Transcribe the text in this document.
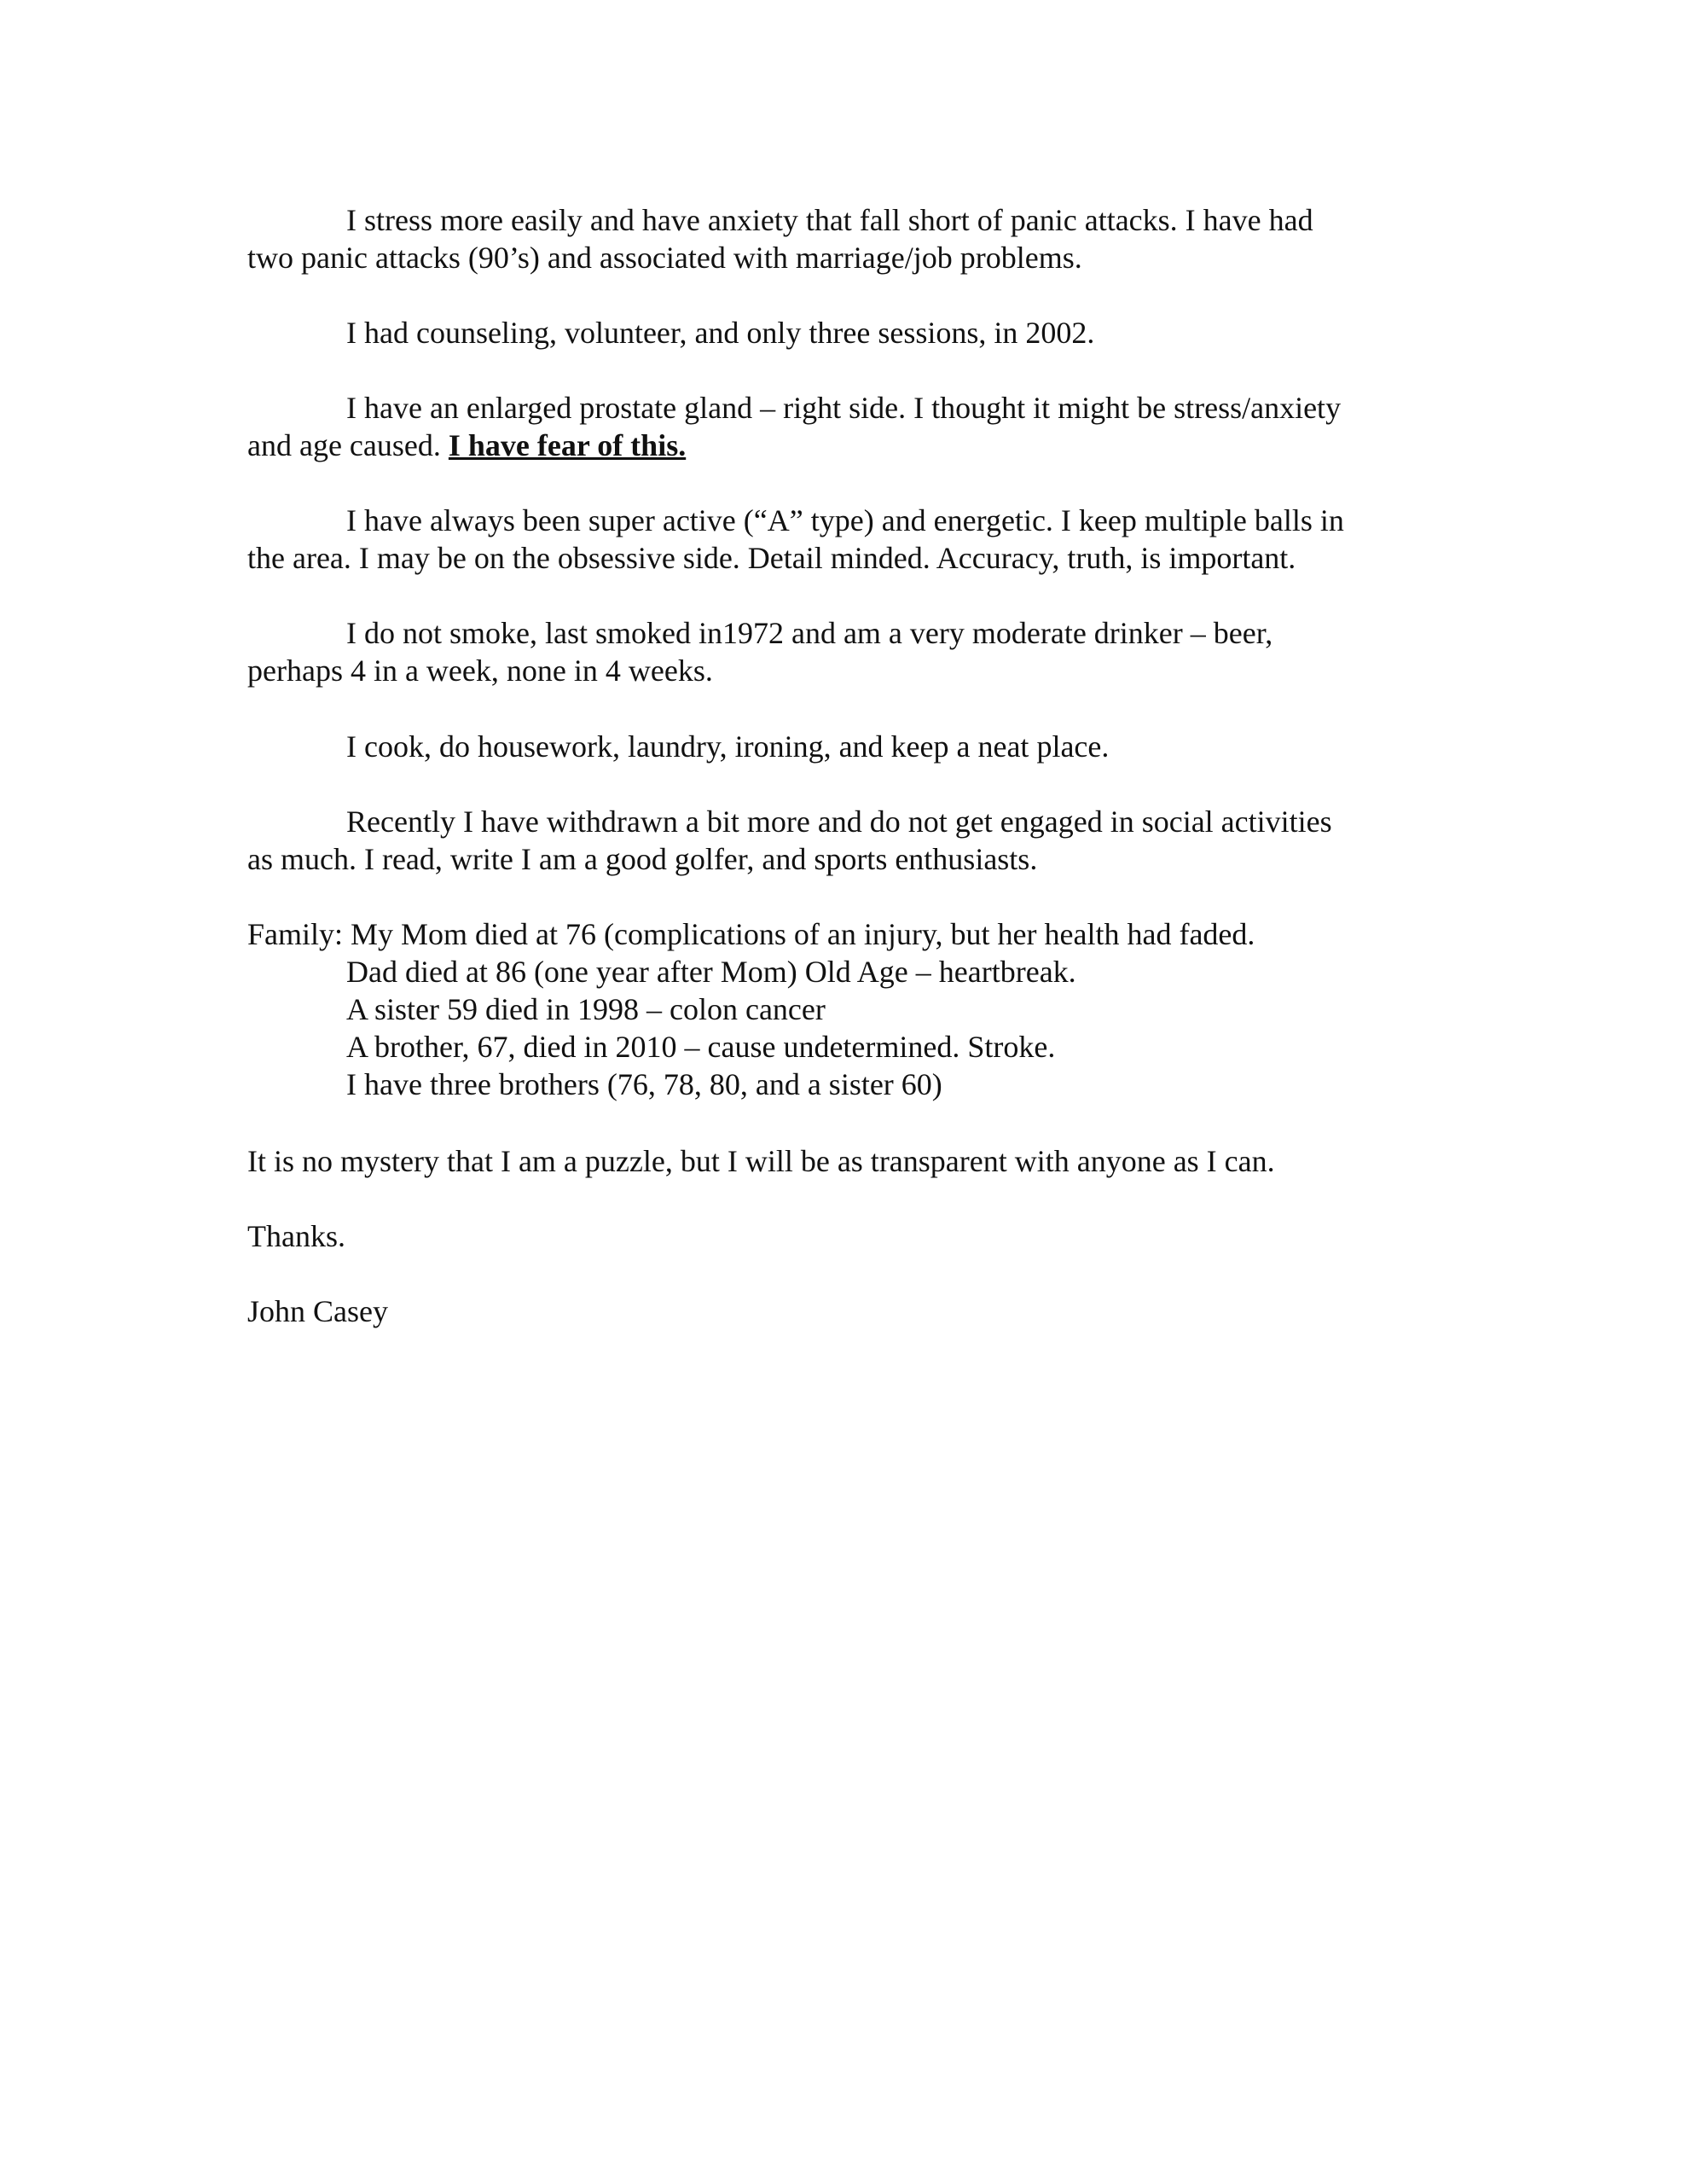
I stress more easily and have anxiety that fall short of panic attacks. I have had
two panic attacks (90’s) and associated with marriage/job problems.

I had counseling, volunteer, and only three sessions, in 2002.

I have an enlarged prostate gland – right side. I thought it might be stress/anxiety
and age caused. I have fear of this.

I have always been super active (“A” type) and energetic. I keep multiple balls in
the area. I may be on the obsessive side. Detail minded. Accuracy, truth, is important.

I do not smoke, last smoked in1972 and am a very moderate drinker – beer,
perhaps 4 in a week, none in 4 weeks.

I cook, do housework, laundry, ironing, and keep a neat place.

Recently I have withdrawn a bit more and do not get engaged in social activities
as much. I read, write I am a good golfer, and sports enthusiasts.

Family: My Mom died at 76 (complications of an injury, but her health had faded.
Dad died at 86 (one year after Mom) Old Age – heartbreak.
A sister 59 died in 1998 – colon cancer
A brother, 67, died in 2010 – cause undetermined. Stroke.
I have three brothers (76, 78, 80, and a sister 60)

It is no mystery that I am a puzzle, but I will be as transparent with anyone as I can.

Thanks.

John Casey
